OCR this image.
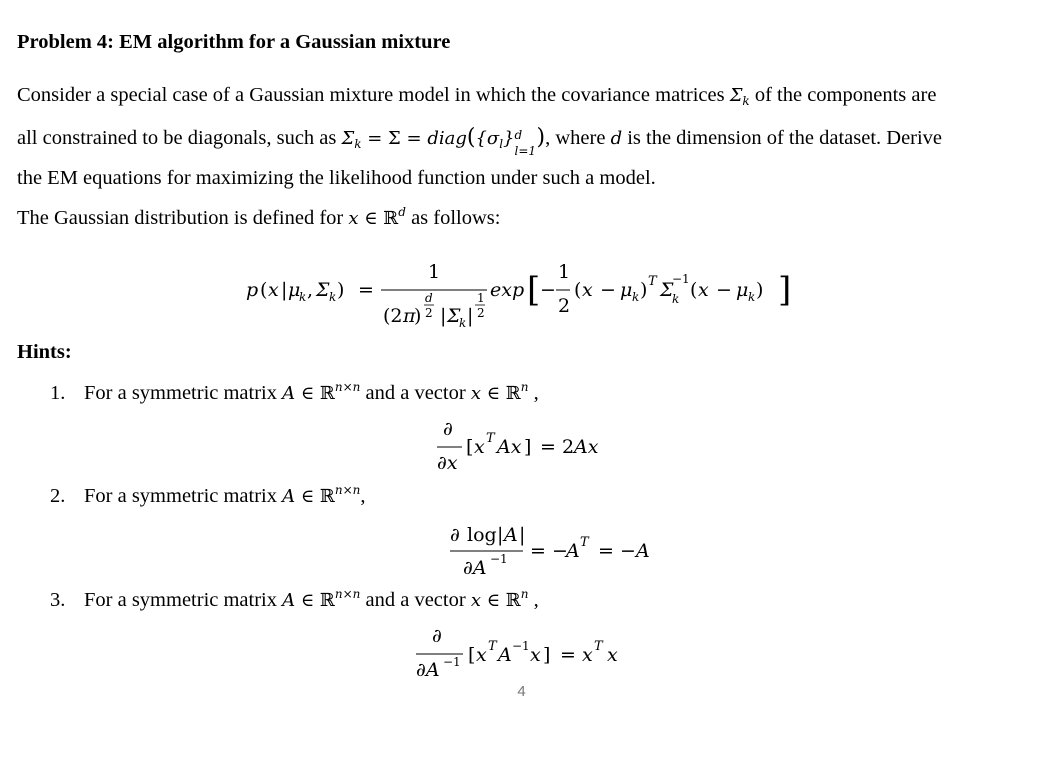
Problem 4: EM algorithm for a Gaussian mixture
Consider a special case of a Gaussian mixture model in which the covariance matrices $\Sigma_k$ of the components are
all constrained to be diagonals, such as $\Sigma_k = \Sigma$ = $diag(\{\sigma_l\}$ d
l=1
), where d is the dimension of the dataset. Derive
the EM equations for maximizing the likelihood function under such a model.
The Gaussian distribution is defined for x ∈ ℝ$^d$ as follows:
p ( x | μ
k , Σ k ) =
1
(2 π
)
d
2 | Σ
k |
1
2
exp [ −
1
2
( x − μ k ) T Σ
−1
k ( x − μ k ) ]
∂
∂x
[ x T Ax ] = 2 Ax
∂ log | A |
∂A −1 = −
A T = − A
∂
∂A −1 [ x T A −1 x ] = x T x
Hints:
1. For a symmetric matrix A ∈ ℝ$^{n\times n}$ and a vector x ∈ ℝ$^n$ ,
2. For a symmetric matrix A ∈ ℝ$^{n\times n}$,
3. For a symmetric matrix A ∈ ℝ$^{n\times n}$ and a vector x ∈ ℝ$^n$ ,
4
